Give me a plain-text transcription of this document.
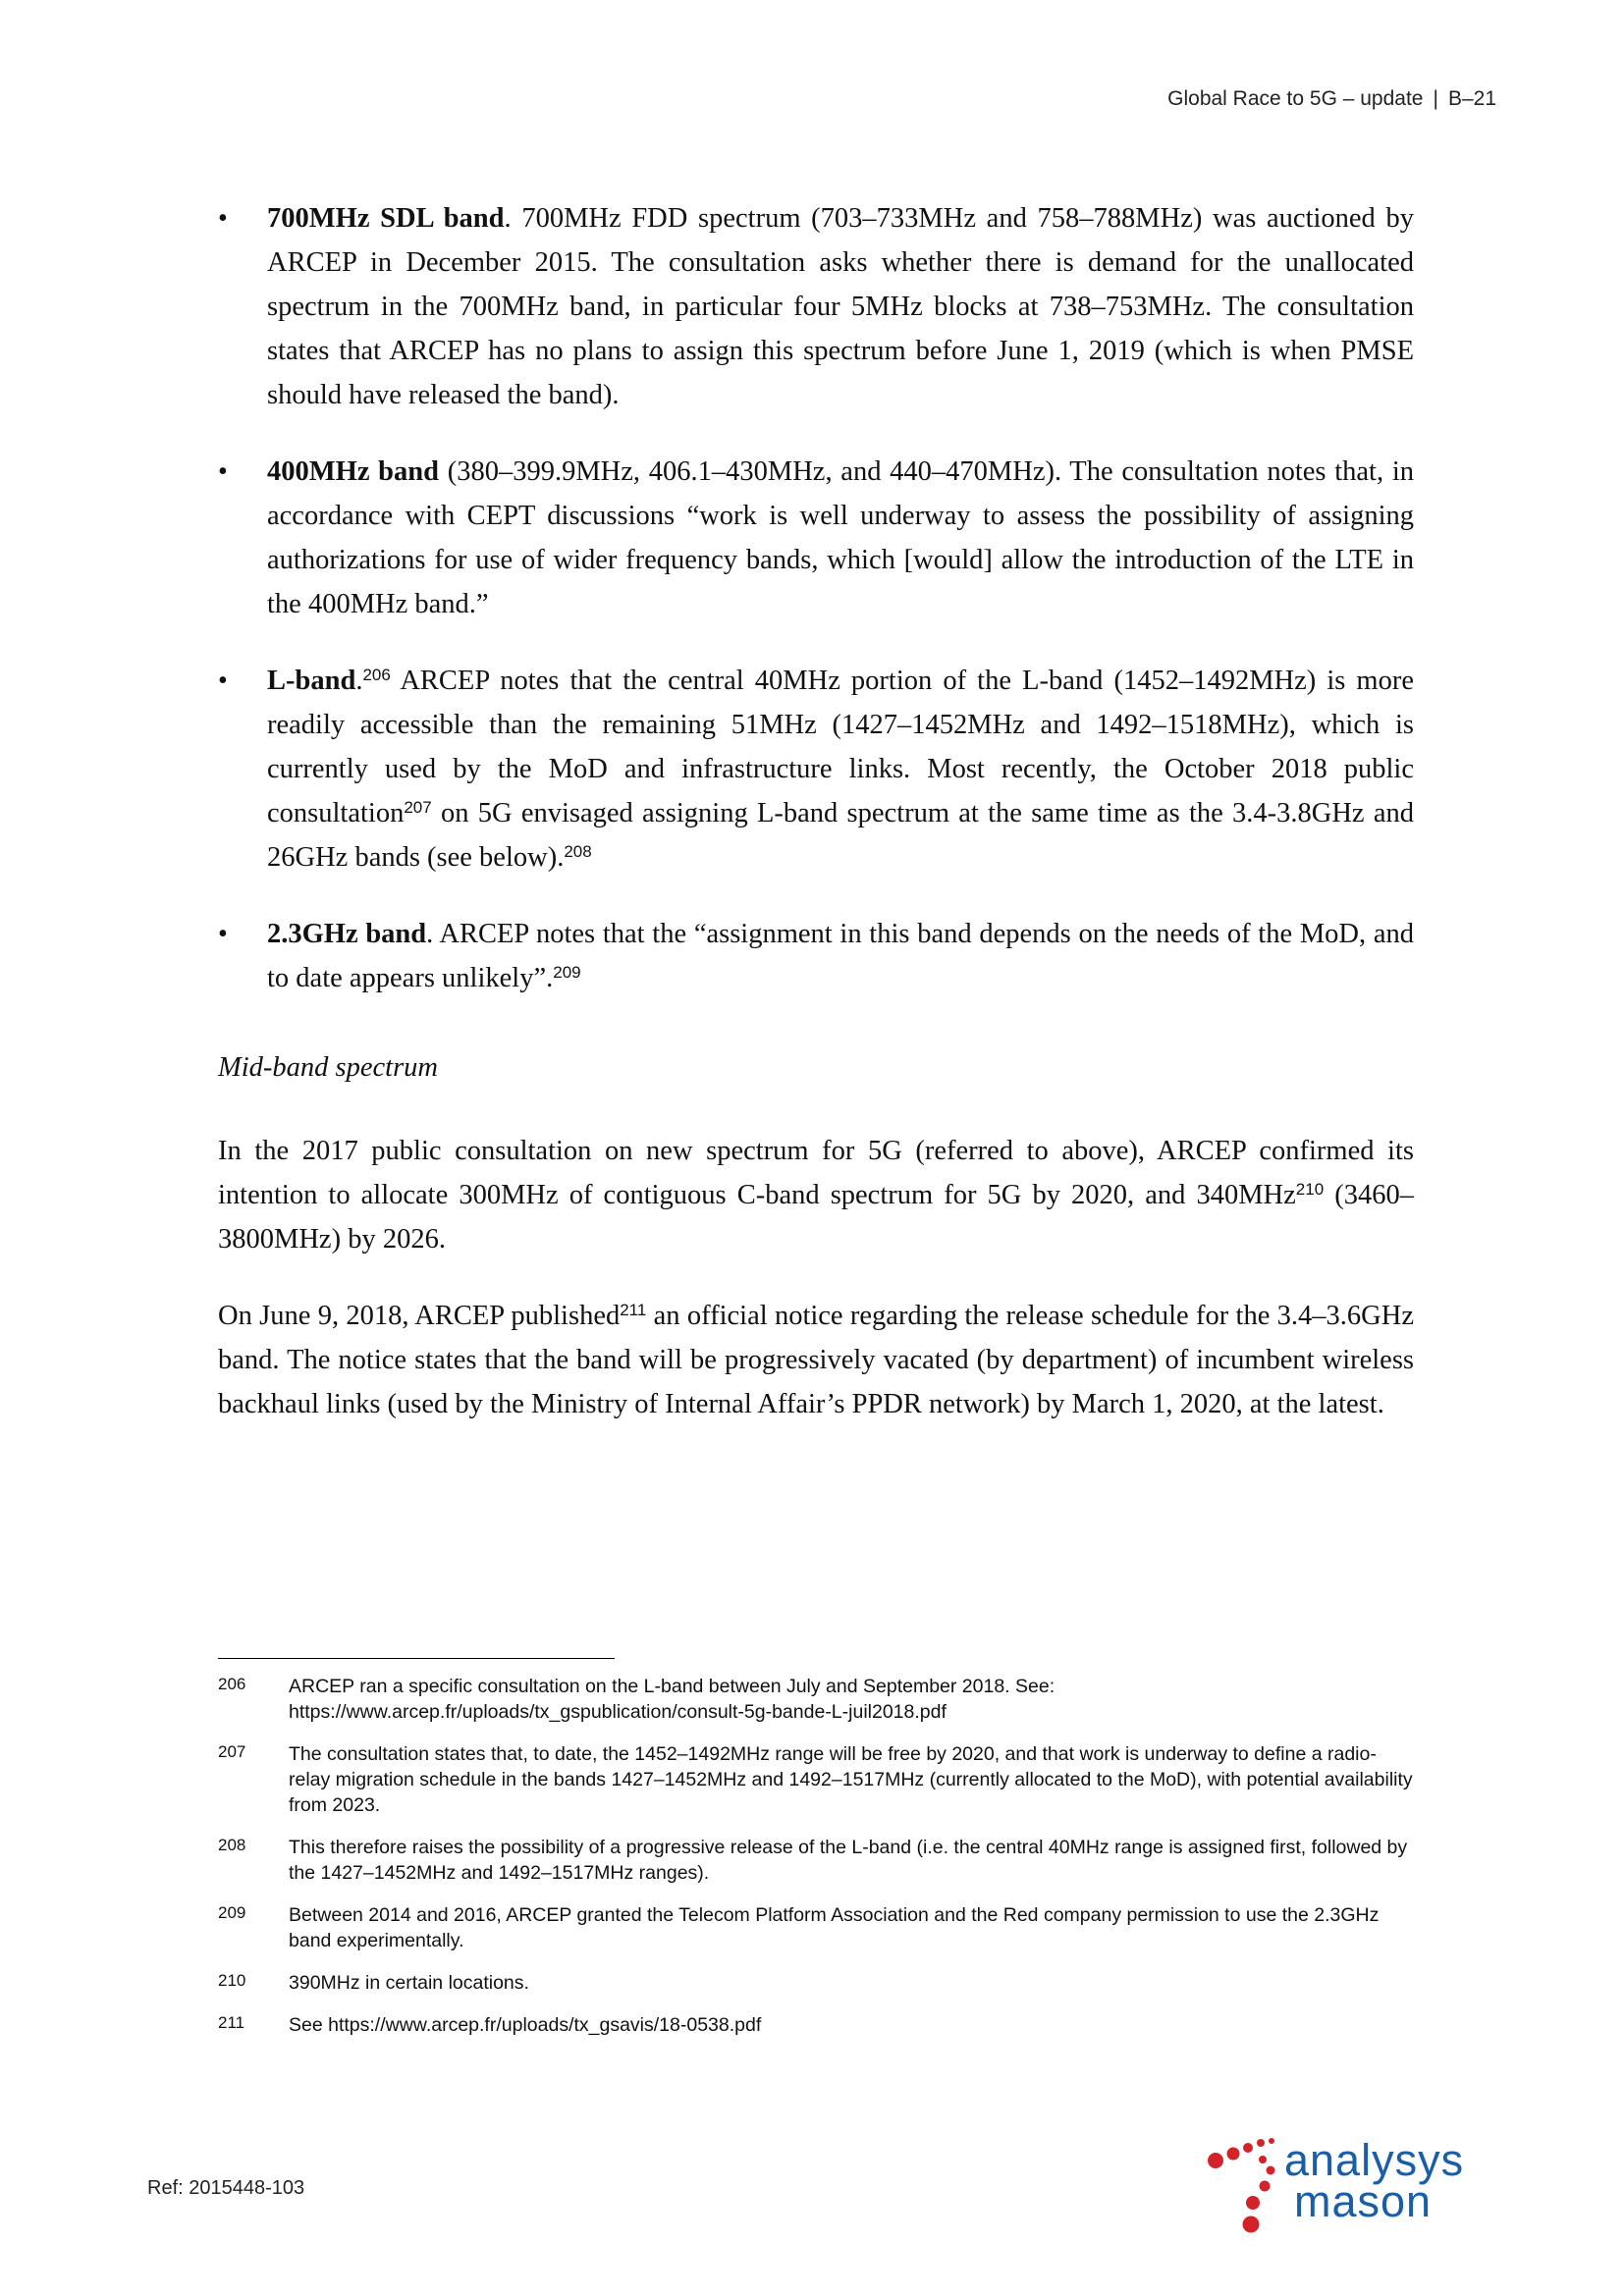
Global Race to 5G – update | B–21
• 700MHz SDL band. 700MHz FDD spectrum (703–733MHz and 758–788MHz) was auctioned by ARCEP in December 2015. The consultation asks whether there is demand for the unallocated spectrum in the 700MHz band, in particular four 5MHz blocks at 738–753MHz. The consultation states that ARCEP has no plans to assign this spectrum before June 1, 2019 (which is when PMSE should have released the band).
• 400MHz band (380–399.9MHz, 406.1–430MHz, and 440–470MHz). The consultation notes that, in accordance with CEPT discussions “work is well underway to assess the possibility of assigning authorizations for use of wider frequency bands, which [would] allow the introduction of the LTE in the 400MHz band.”
• L-band.$^{206}$ ARCEP notes that the central 40MHz portion of the L-band (1452–1492MHz) is more readily accessible than the remaining 51MHz (1427–1452MHz and 1492–1518MHz), which is currently used by the MoD and infrastructure links. Most recently, the October 2018 public consultation$^{207}$ on 5G envisaged assigning L-band spectrum at the same time as the 3.4-3.8GHz and 26GHz bands (see below).$^{208}$
• 2.3GHz band. ARCEP notes that the “assignment in this band depends on the needs of the MoD, and to date appears unlikely”.$^{209}$
Mid-band spectrum

In the 2017 public consultation on new spectrum for 5G (referred to above), ARCEP confirmed its intention to allocate 300MHz of contiguous C-band spectrum for 5G by 2020, and 340MHz$^{210}$ (3460–3800MHz) by 2026.

On June 9, 2018, ARCEP published$^{211}$ an official notice regarding the release schedule for the 3.4–3.6GHz band. The notice states that the band will be progressively vacated (by department) of incumbent wireless backhaul links (used by the Ministry of Internal Affair’s PPDR network) by March 1, 2020, at the latest.

206	ARCEP ran a specific consultation on the L-band between July and September 2018. See:
https://www.arcep.fr/uploads/tx_gspublication/consult-5g-bande-L-juil2018.pdf
207	The consultation states that, to date, the 1452–1492MHz range will be free by 2020, and that work is underway to define a radio-relay migration schedule in the bands 1427–1452MHz and 1492–1517MHz (currently allocated to the MoD), with potential availability from 2023.
208	This therefore raises the possibility of a progressive release of the L-band (i.e. the central 40MHz range is assigned first, followed by the 1427–1452MHz and 1492–1517MHz ranges).
209	Between 2014 and 2016, ARCEP granted the Telecom Platform Association and the Red company permission to use the 2.3GHz band experimentally.
210	390MHz in certain locations.
211	See https://www.arcep.fr/uploads/tx_gsavis/18-0538.pdf
Ref: 2015448-103
analysys
mason
